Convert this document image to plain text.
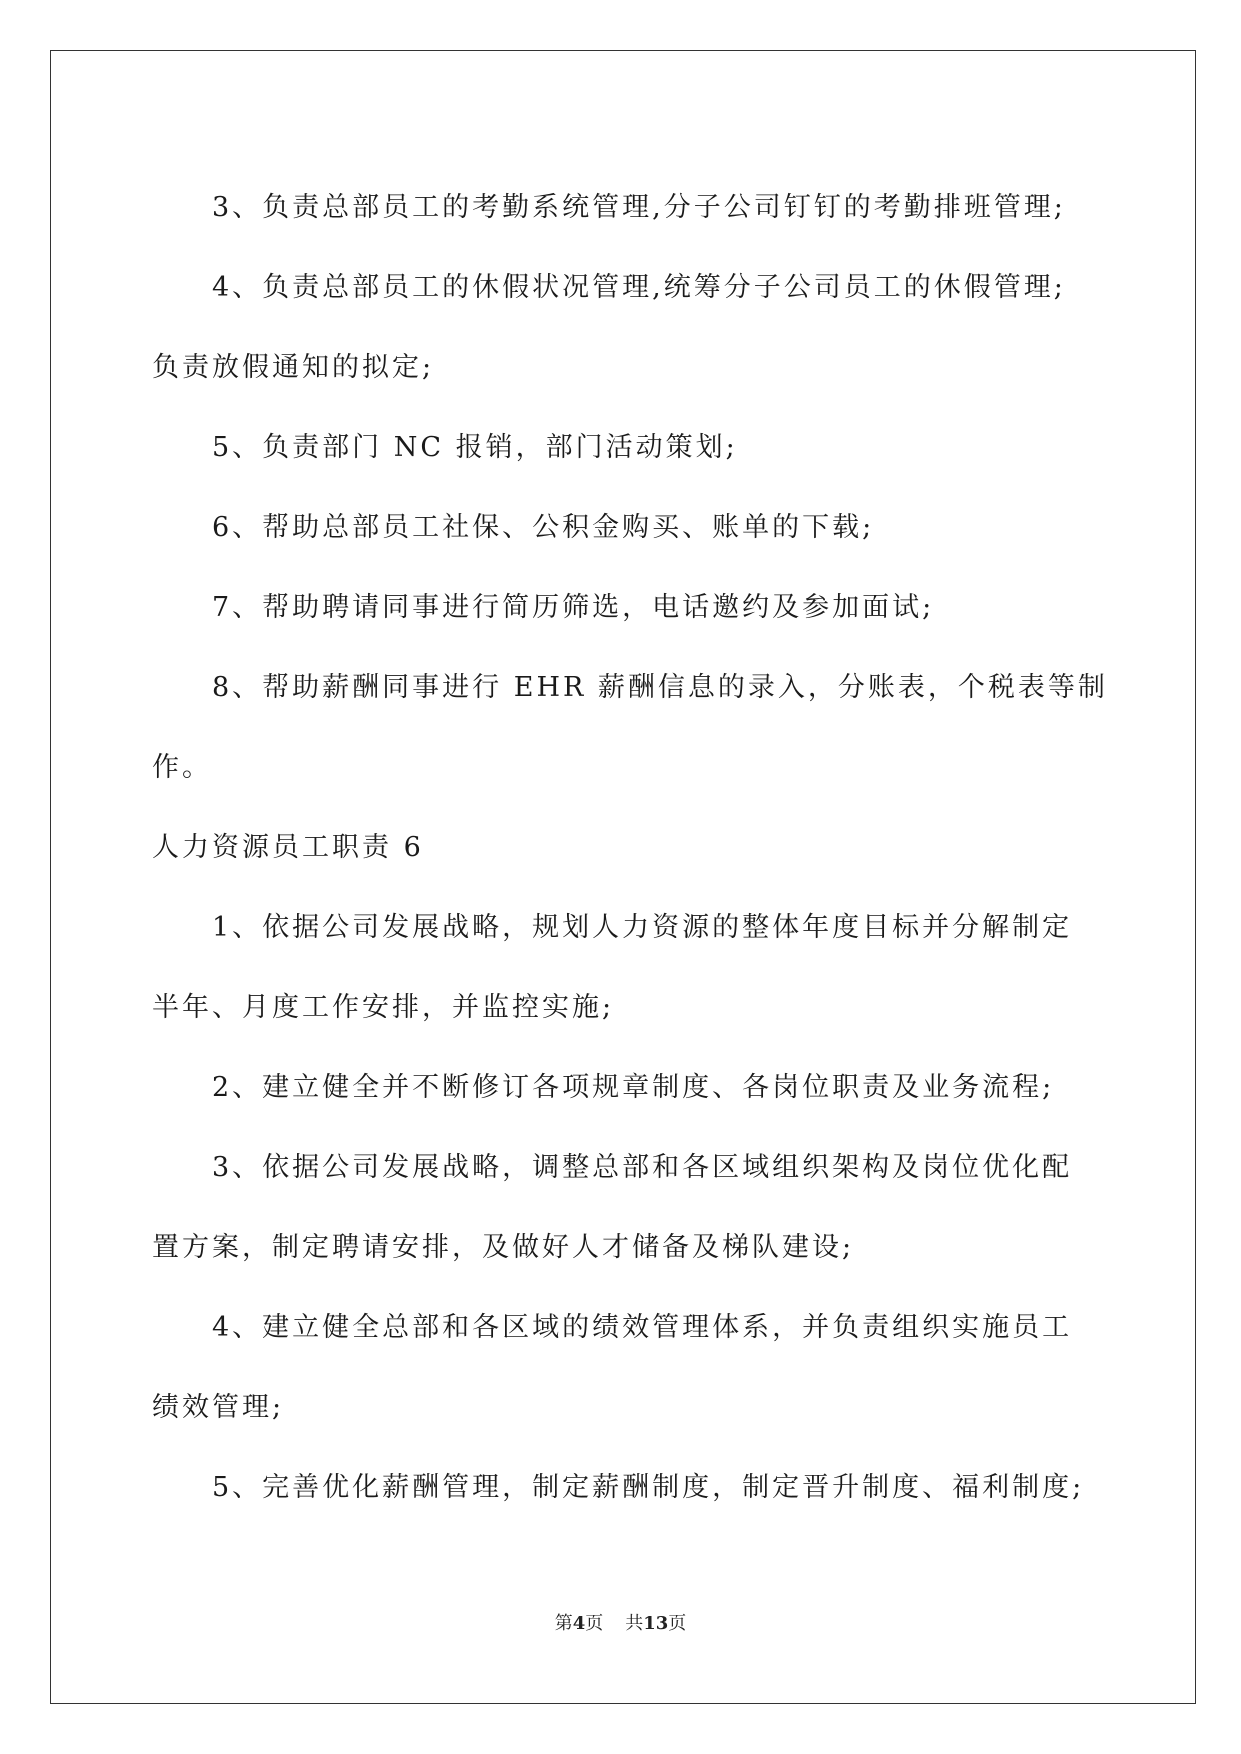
3、负责总部员工的考勤系统管理,分子公司钉钉的考勤排班管理;
4、负责总部员工的休假状况管理,统筹分子公司员工的休假管理;
负责放假通知的拟定;
5、负责部门 NC 报销，部门活动策划;
6、帮助总部员工社保、公积金购买、账单的下载;
7、帮助聘请同事进行简历筛选，电话邀约及参加面试;
8、帮助薪酬同事进行 EHR 薪酬信息的录入，分账表，个税表等制
作。
人力资源员工职责 6
1、依据公司发展战略，规划人力资源的整体年度目标并分解制定
半年、月度工作安排，并监控实施;
2、建立健全并不断修订各项规章制度、各岗位职责及业务流程;
3、依据公司发展战略，调整总部和各区域组织架构及岗位优化配
置方案，制定聘请安排，及做好人才储备及梯队建设;
4、建立健全总部和各区域的绩效管理体系，并负责组织实施员工
绩效管理;
5、完善优化薪酬管理，制定薪酬制度，制定晋升制度、福利制度;
第4页 共13页
